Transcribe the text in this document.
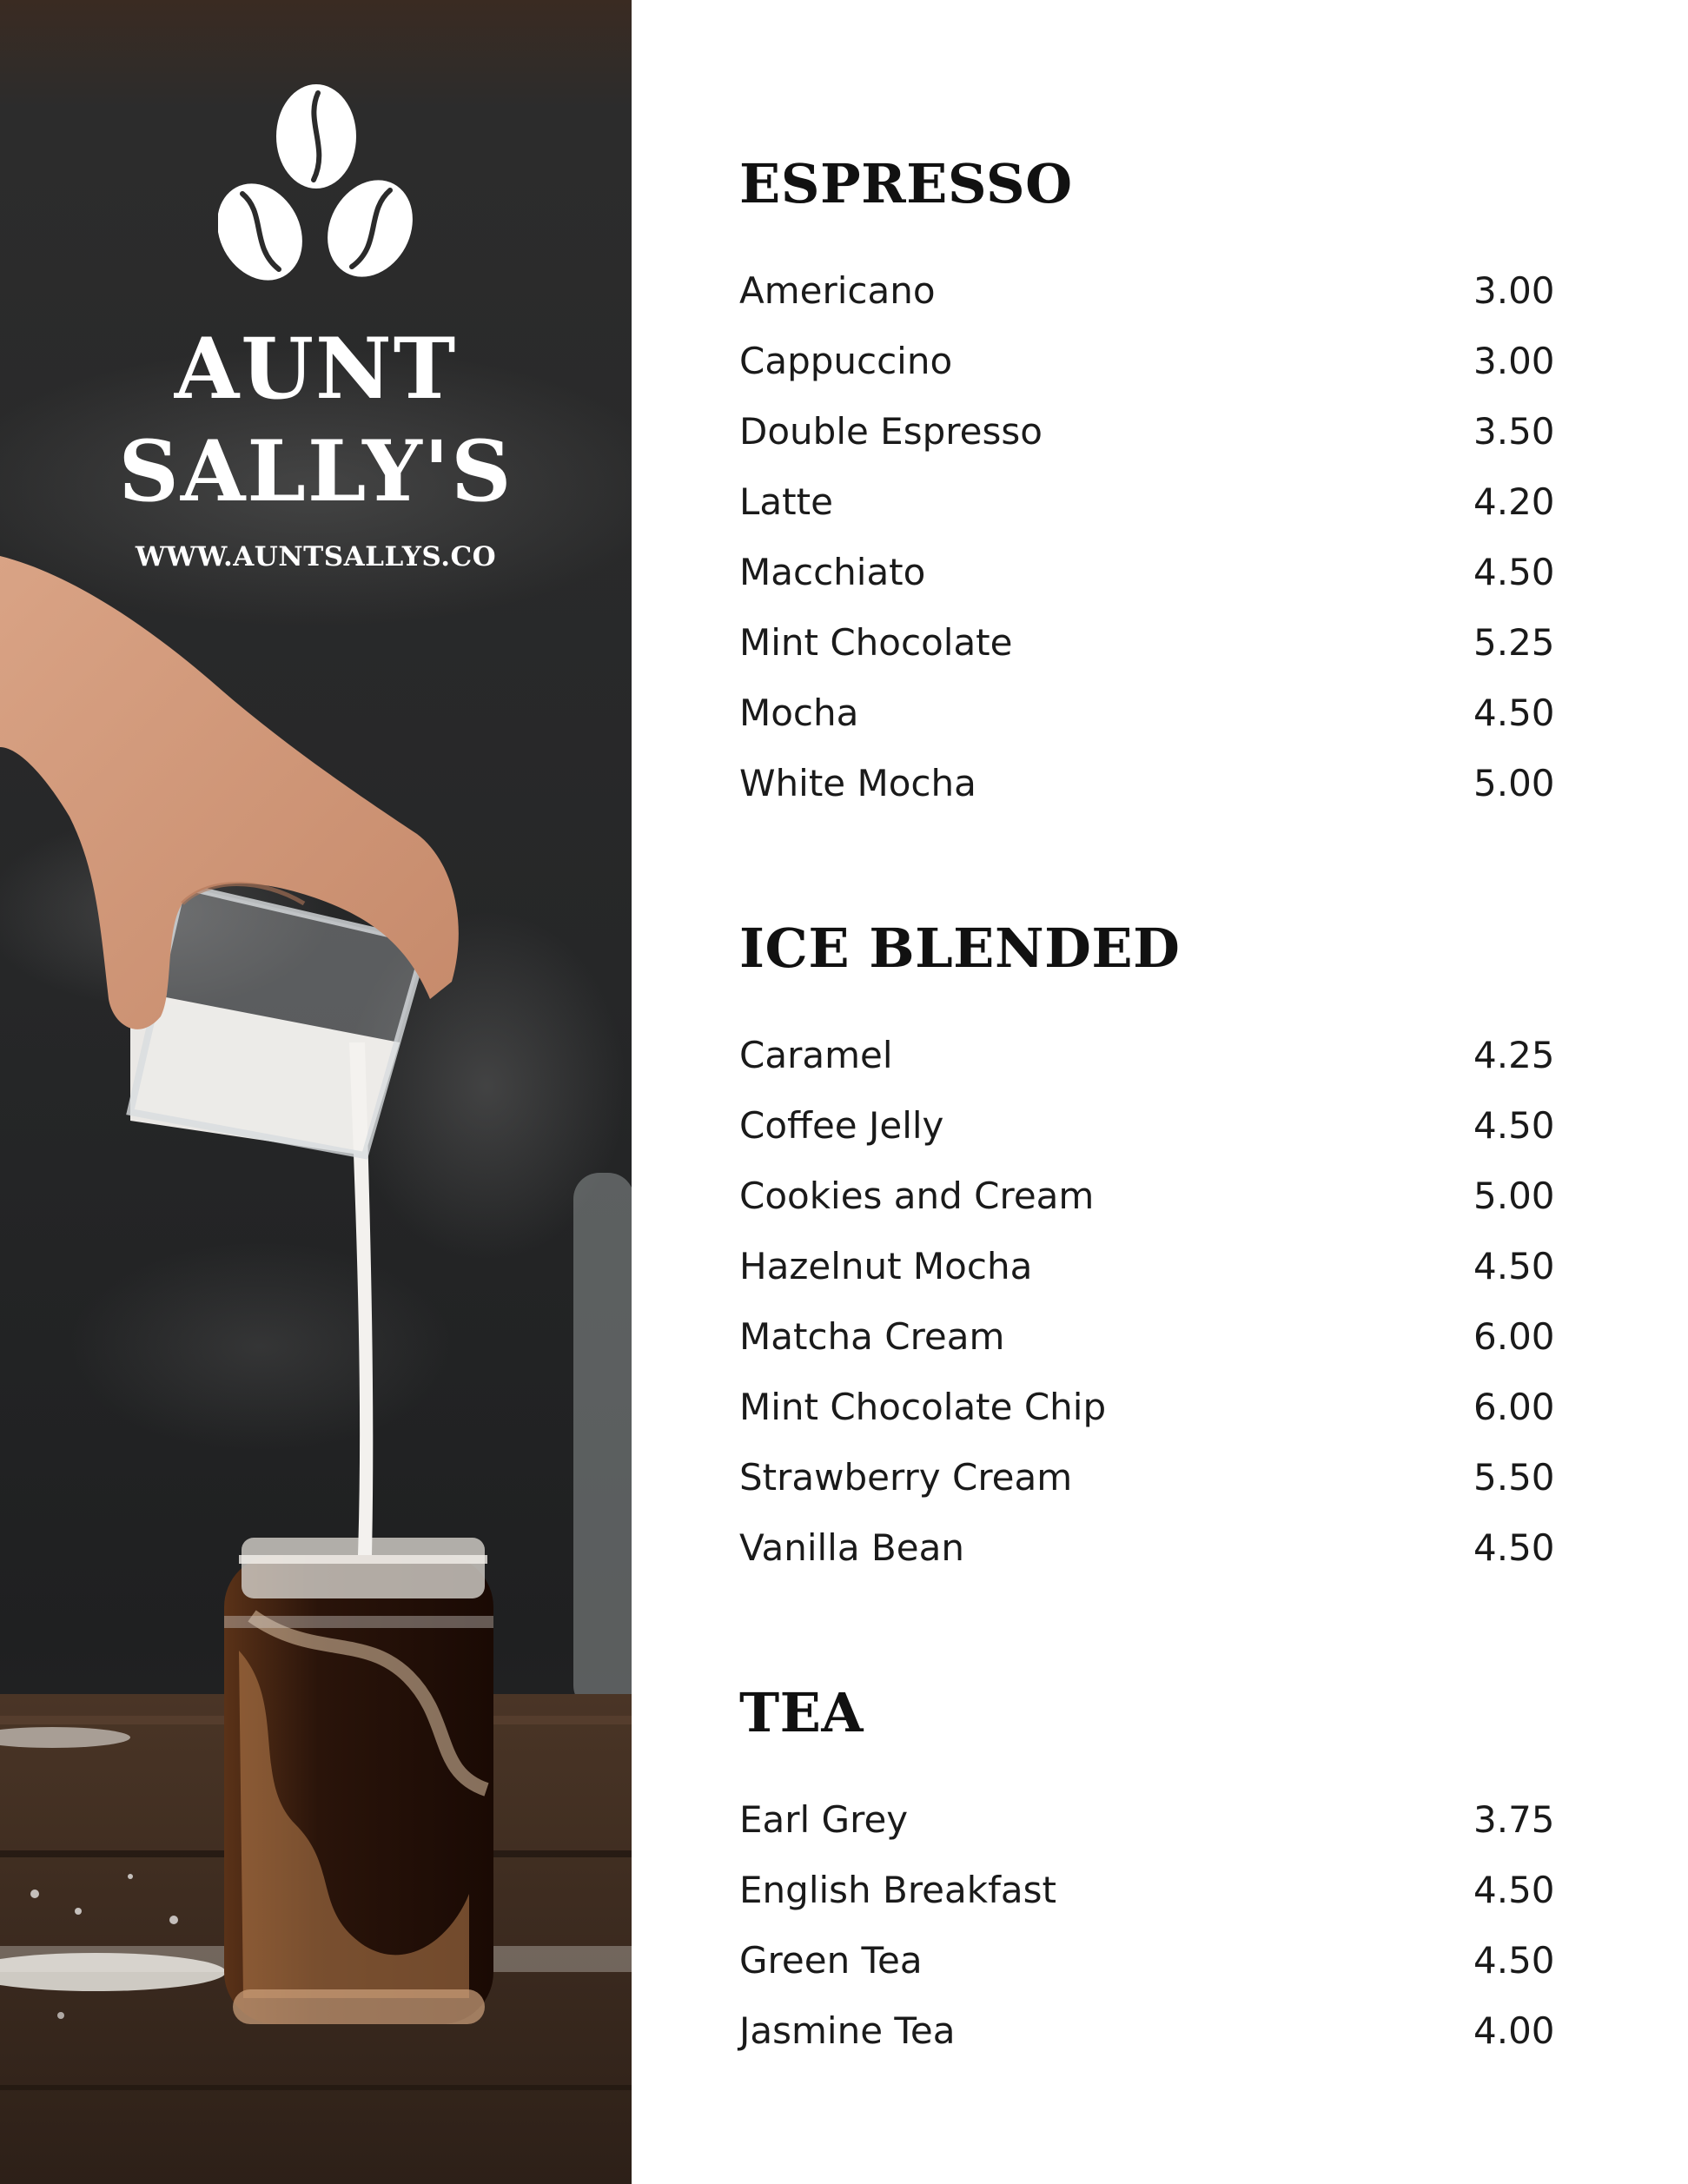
AUNT
SALLY'S
WWW.AUNTSALLYS.CO
ESPRESSO
Americano	3.00
Cappuccino	3.00
Double Espresso	3.50
Latte	4.20
Macchiato	4.50
Mint Chocolate	5.25
Mocha	4.50
White Mocha	5.00
ICE BLENDED
Caramel	4.25
Coffee Jelly	4.50
Cookies and Cream	5.00
Hazelnut Mocha	4.50
Matcha Cream	6.00
Mint Chocolate Chip	6.00
Strawberry Cream	5.50
Vanilla Bean	4.50
TEA
Earl Grey	3.75
English Breakfast	4.50
Green Tea	4.50
Jasmine Tea	4.00
